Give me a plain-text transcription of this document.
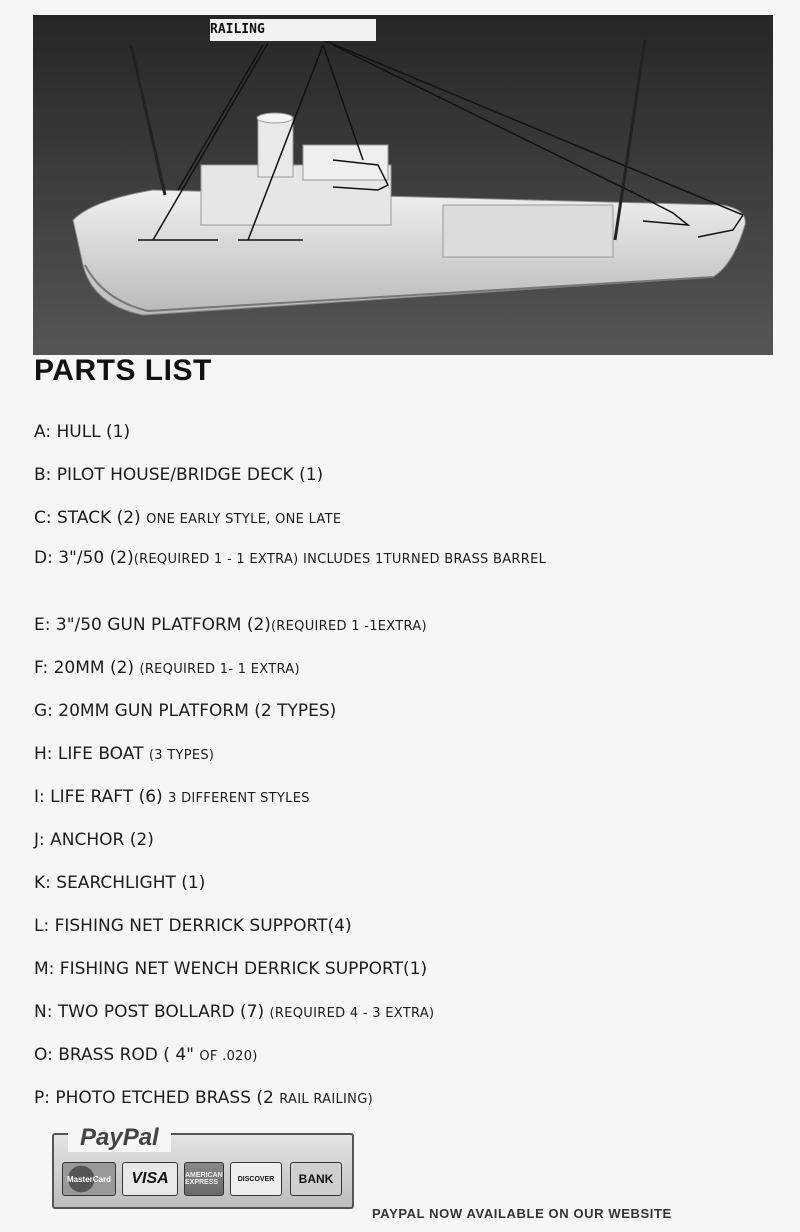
RAILING
PARTS LIST
A: HULL (1)
B: PILOT HOUSE/BRIDGE DECK (1)
C: STACK (2) ONE EARLY STYLE, ONE LATE
D: 3"/50 (2)(REQUIRED 1 - 1 EXTRA) INCLUDES 1TURNED BRASS BARREL
E: 3"/50 GUN PLATFORM (2)(REQUIRED 1 -1EXTRA)
F: 20MM (2) (REQUIRED 1- 1 EXTRA)
G: 20MM GUN PLATFORM (2 TYPES)
H: LIFE BOAT (3 TYPES)
I: LIFE RAFT (6) 3 DIFFERENT STYLES
J: ANCHOR (2)
K: SEARCHLIGHT (1)
L: FISHING NET DERRICK SUPPORT(4)
M: FISHING NET WENCH DERRICK SUPPORT(1)
N: TWO POST BOLLARD (7) (REQUIRED 4 - 3 EXTRA)
O: BRASS ROD ( 4" OF .020)
P: PHOTO ETCHED BRASS (2 RAIL RAILING)
PayPal
MasterCard	VISA	AMERICAN EXPRESS	DISCOVER	BANK
PAYPAL NOW AVAILABLE ON OUR WEBSITE
